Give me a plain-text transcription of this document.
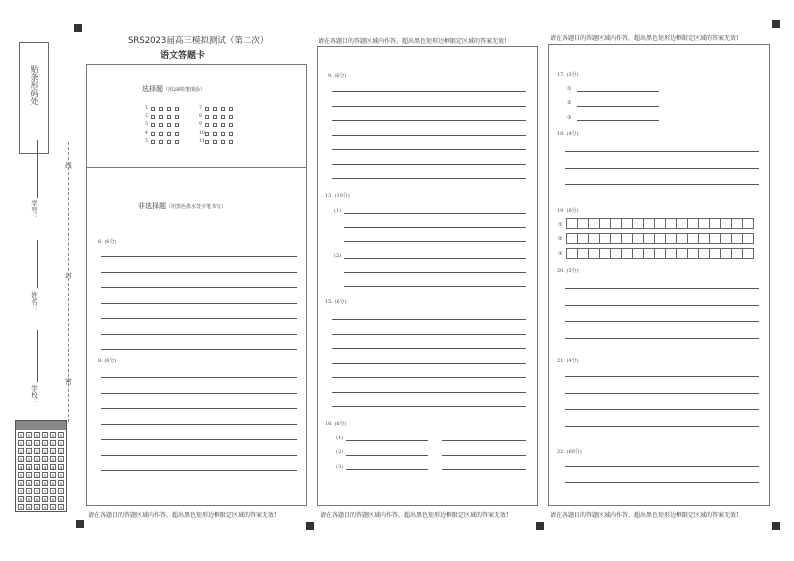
贴条形码处
学号：
姓名：
学校：
线
封
密
0	0	0	0	0	0
1	1	1	1	1	1
2	2	2	2	2	2
3	3	3	3	3	3
4	4	4	4	4	4
5	5	5	5	5	5
6	6	6	6	6	6
7	7	7	7	7	7
8	8	8	8	8	8
9	9	9	9	9	9
SRS2023届高三模拟测试（第二次）
语文答题卡
选择题（用2B铅笔填涂）
1
2
3
4
5
7
8
9
10
11
非选择题（用黑色墨水签字笔书写）
6. (6分)
8. (6分)
请在各题目的答题区域内作答，超出黑色矩形边框限定区域的答案无效!
请在各题目的答题区域内作答，超出黑色矩形边框限定区域的答案无效!
9. (6分)
13. (10分)
(1)
(2)
15. (6分)
16. (6分)
(1)
(2)
(3)
请在各题目的答题区域内作答，超出黑色矩形边框限定区域的答案无效!
请在各题目的答题区域内作答，超出黑色矩形边框限定区域的答案无效!
17. (3分)
①
②
③
18. (4分)
19. (6分)
①
②
③
20. (5分)
21. (4分)
22. (60分)
请在各题目的答题区域内作答，超出黑色矩形边框限定区域的答案无效!
